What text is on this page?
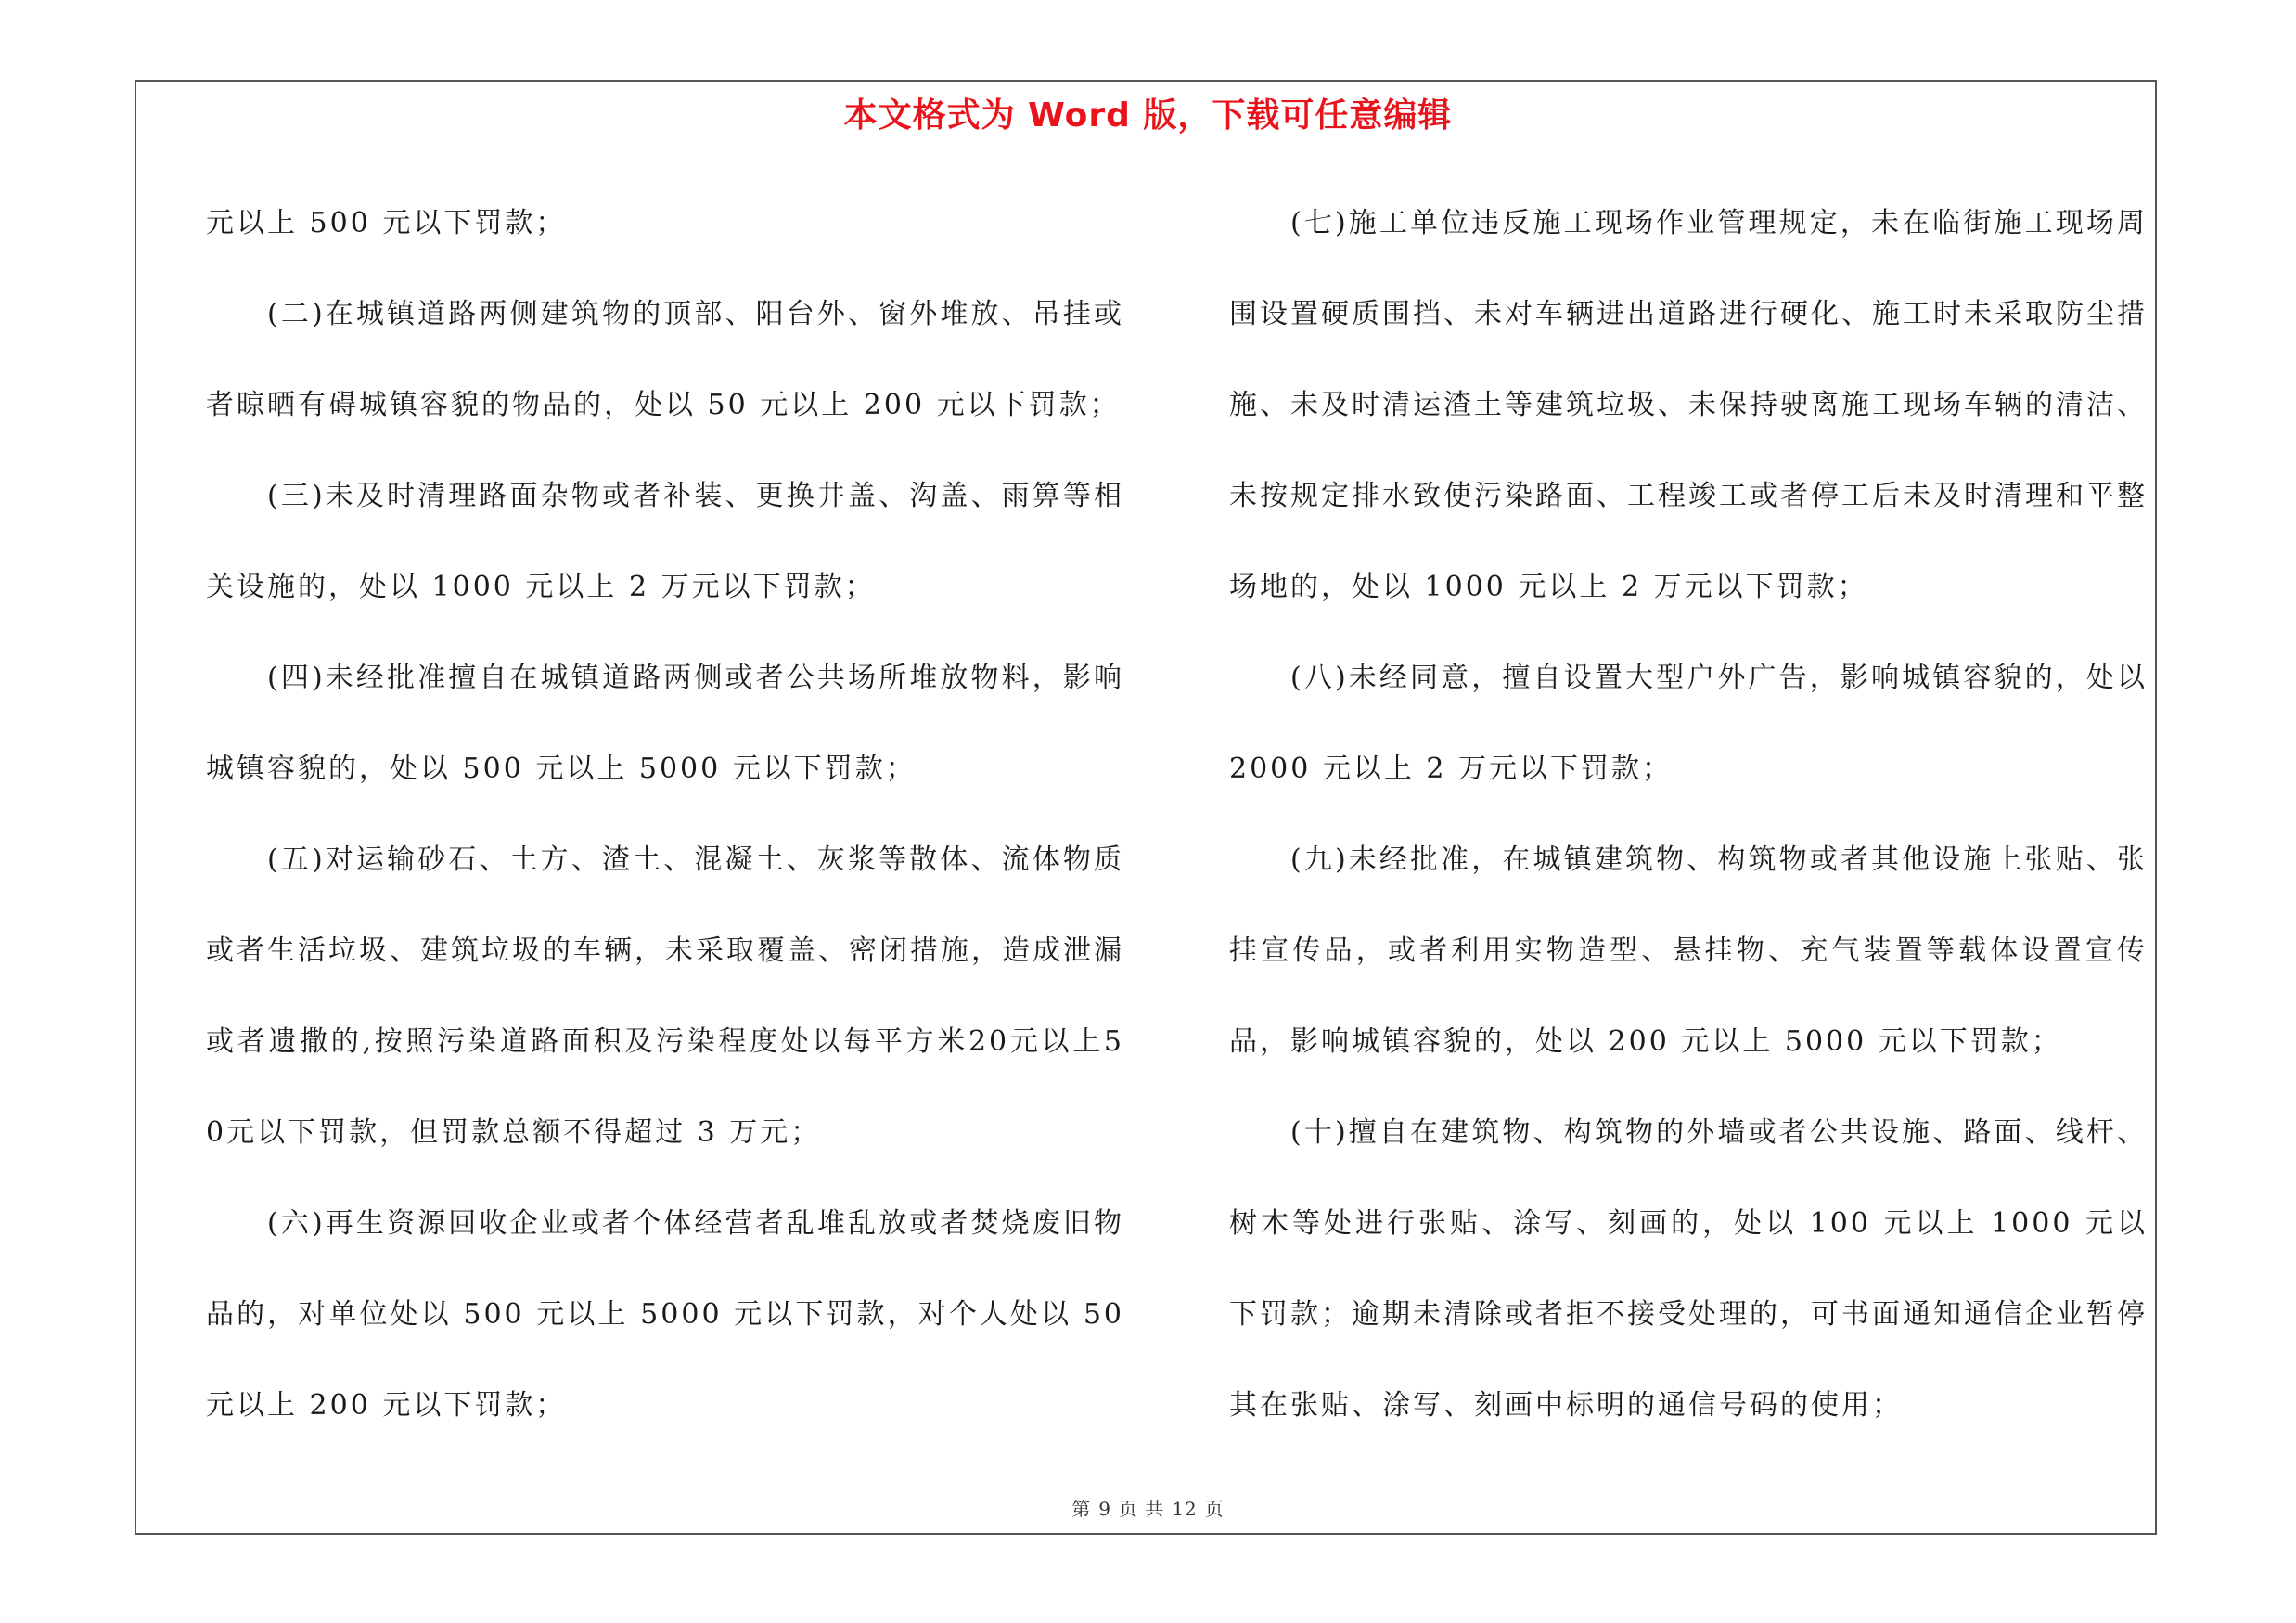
本文格式为 Word 版，下载可任意编辑

元以上 500 元以下罚款；

(二)在城镇道路两侧建筑物的顶部、阳台外、窗外堆放、吊挂或者晾晒有碍城镇容貌的物品的，处以 50 元以上 200 元以下罚款；

(三)未及时清理路面杂物或者补装、更换井盖、沟盖、雨箅等相关设施的，处以 1000 元以上 2 万元以下罚款；

(四)未经批准擅自在城镇道路两侧或者公共场所堆放物料，影响城镇容貌的，处以 500 元以上 5000 元以下罚款；

(五)对运输砂石、土方、渣土、混凝土、灰浆等散体、流体物质或者生活垃圾、建筑垃圾的车辆，未采取覆盖、密闭措施，造成泄漏或者遗撒的,按照污染道路面积及污染程度处以每平方米20元以上50元以下罚款，但罚款总额不得超过 3 万元；

(六)再生资源回收企业或者个体经营者乱堆乱放或者焚烧废旧物品的，对单位处以 500 元以上 5000 元以下罚款，对个人处以 50 元以上 200 元以下罚款；

(七)施工单位违反施工现场作业管理规定，未在临街施工现场周围设置硬质围挡、未对车辆进出道路进行硬化、施工时未采取防尘措施、未及时清运渣土等建筑垃圾、未保持驶离施工现场车辆的清洁、未按规定排水致使污染路面、工程竣工或者停工后未及时清理和平整场地的，处以 1000 元以上 2 万元以下罚款；

(八)未经同意，擅自设置大型户外广告，影响城镇容貌的，处以 2000 元以上 2 万元以下罚款；

(九)未经批准，在城镇建筑物、构筑物或者其他设施上张贴、张挂宣传品，或者利用实物造型、悬挂物、充气装置等载体设置宣传品，影响城镇容貌的，处以 200 元以上 5000 元以下罚款；

(十)擅自在建筑物、构筑物的外墙或者公共设施、路面、线杆、树木等处进行张贴、涂写、刻画的，处以 100 元以上 1000 元以下罚款；逾期未清除或者拒不接受处理的，可书面通知通信企业暂停其在张贴、涂写、刻画中标明的通信号码的使用；

第 9 页 共 12 页
